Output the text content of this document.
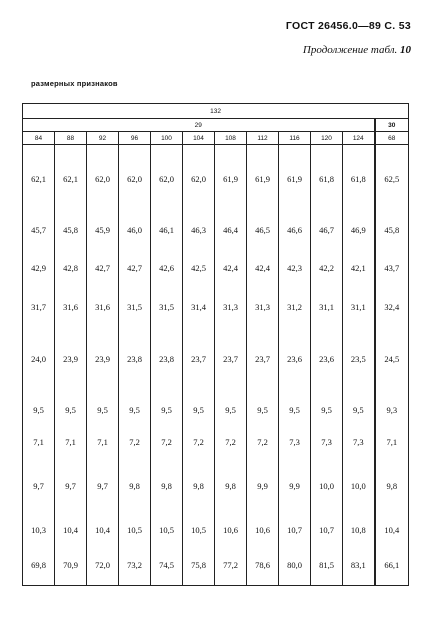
ГОСТ 26456.0—89 С. 53
Продолжение табл. 10
размерных признаков
132											
29											30
84	88	92	96	100	104	108	112	116	120	124	68
62,1	62,1	62,0	62,0	62,0	62,0	61,9	61,9	61,9	61,8	61,8	62,5
45,7	45,8	45,9	46,0	46,1	46,3	46,4	46,5	46,6	46,7	46,9	45,8
42,9	42,8	42,7	42,7	42,6	42,5	42,4	42,4	42,3	42,2	42,1	43,7
31,7	31,6	31,6	31,5	31,5	31,4	31,3	31,3	31,2	31,1	31,1	32,4
24,0	23,9	23,9	23,8	23,8	23,7	23,7	23,7	23,6	23,6	23,5	24,5
9,5	9,5	9,5	9,5	9,5	9,5	9,5	9,5	9,5	9,5	9,5	9,3
7,1	7,1	7,1	7,2	7,2	7,2	7,2	7,2	7,3	7,3	7,3	7,1
9,7	9,7	9,7	9,8	9,8	9,8	9,8	9,9	9,9	10,0	10,0	9,8
10,3	10,4	10,4	10,5	10,5	10,5	10,6	10,6	10,7	10,7	10,8	10,4
69,8	70,9	72,0	73,2	74,5	75,8	77,2	78,6	80,0	81,5	83,1	66,1
